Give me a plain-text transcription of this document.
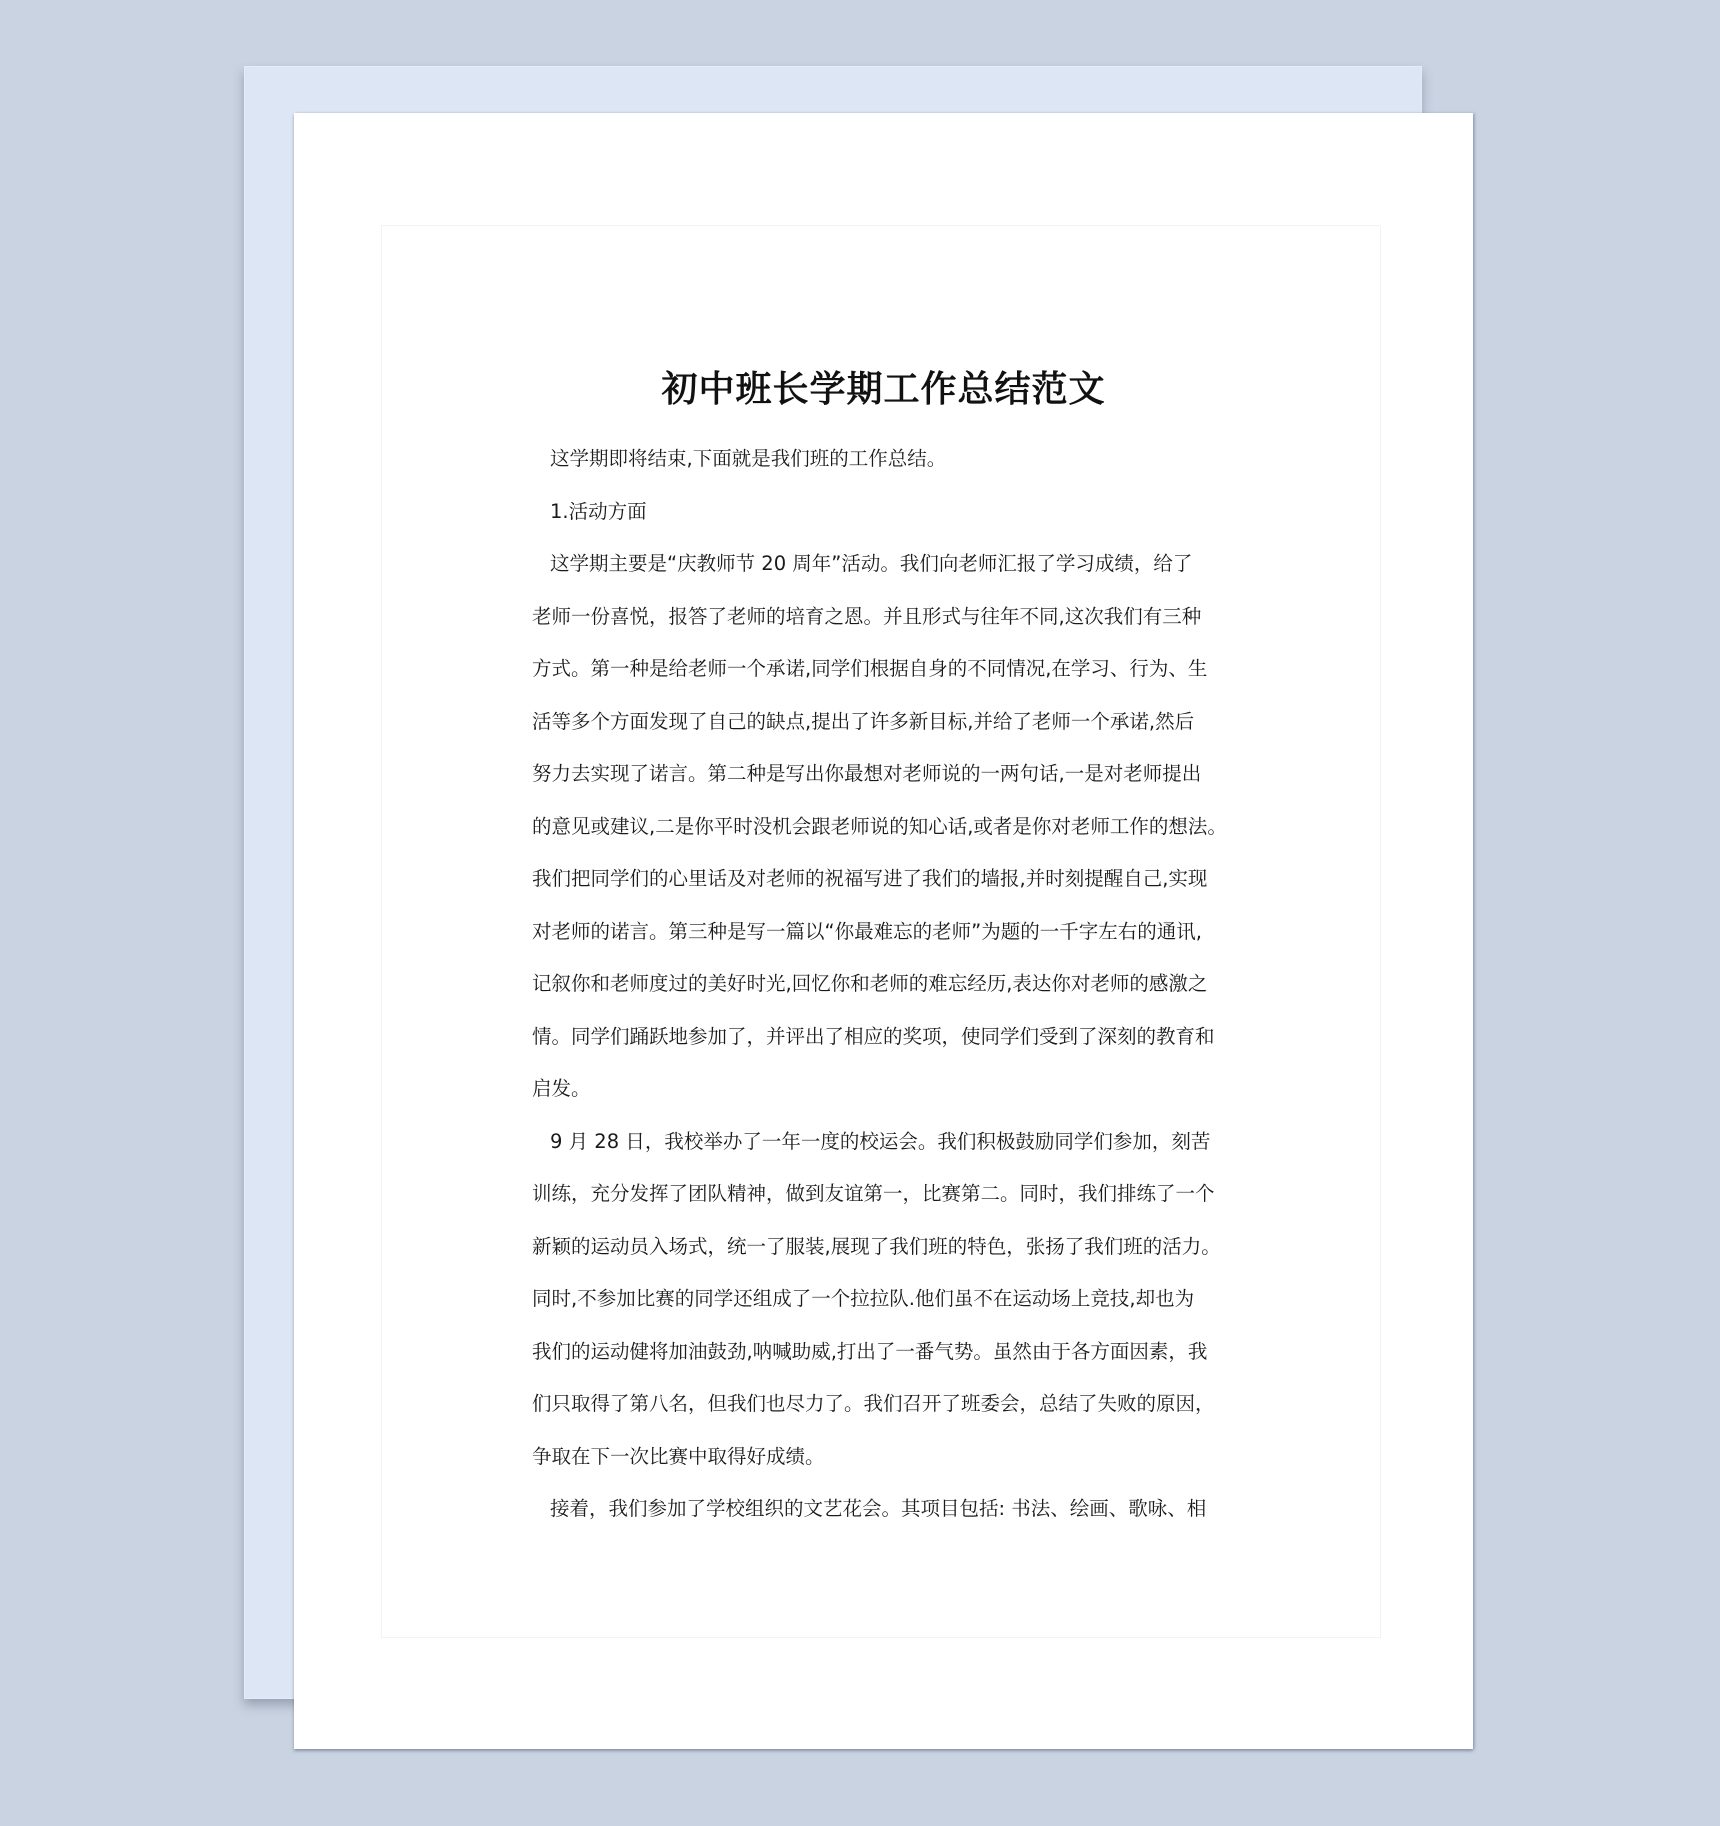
初中班长学期工作总结范文
这学期即将结束,下面就是我们班的工作总结。
1.活动方面
这学期主要是“庆教师节 20 周年”活动。我们向老师汇报了学习成绩，给了
老师一份喜悦，报答了老师的培育之恩。并且形式与往年不同,这次我们有三种
方式。第一种是给老师一个承诺,同学们根据自身的不同情况,在学习、行为、生
活等多个方面发现了自己的缺点,提出了许多新目标,并给了老师一个承诺,然后
努力去实现了诺言。第二种是写出你最想对老师说的一两句话,一是对老师提出
的意见或建议,二是你平时没机会跟老师说的知心话,或者是你对老师工作的想法。
我们把同学们的心里话及对老师的祝福写进了我们的墙报,并时刻提醒自己,实现
对老师的诺言。第三种是写一篇以“你最难忘的老师”为题的一千字左右的通讯,
记叙你和老师度过的美好时光,回忆你和老师的难忘经历,表达你对老师的感激之
情。同学们踊跃地参加了，并评出了相应的奖项，使同学们受到了深刻的教育和
启发。
9 月 28 日，我校举办了一年一度的校运会。我们积极鼓励同学们参加，刻苦
训练，充分发挥了团队精神，做到友谊第一，比赛第二。同时，我们排练了一个
新颖的运动员入场式，统一了服装,展现了我们班的特色，张扬了我们班的活力。
同时,不参加比赛的同学还组成了一个拉拉队.他们虽不在运动场上竞技,却也为
我们的运动健将加油鼓劲,呐喊助威,打出了一番气势。虽然由于各方面因素，我
们只取得了第八名，但我们也尽力了。我们召开了班委会，总结了失败的原因，
争取在下一次比赛中取得好成绩。
接着，我们参加了学校组织的文艺花会。其项目包括: 书法、绘画、歌咏、相
